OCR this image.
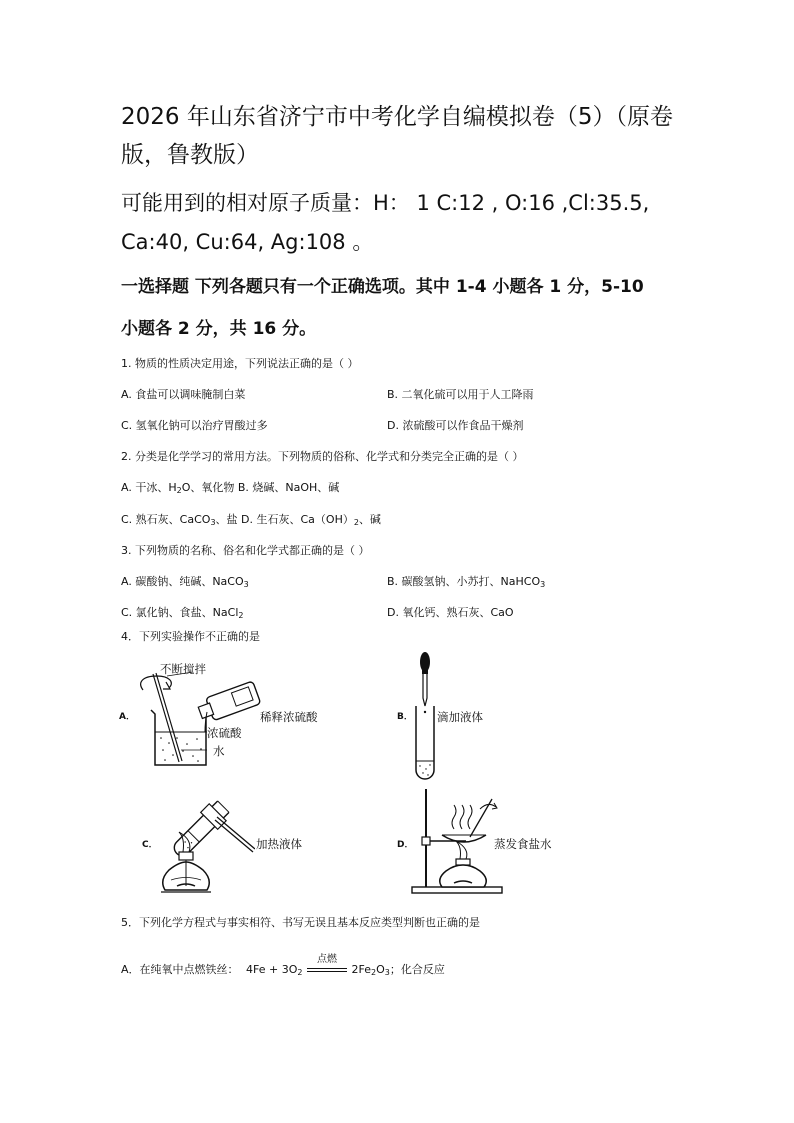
2026 年山东省济宁市中考化学自编模拟卷（5）（原卷
版，鲁教版）
可能用到的相对原子质量：H： 1 C:12 , O:16 ,Cl:35.5,
Ca:40, Cu:64, Ag:108 。
一选择题 下列各题只有一个正确选项。其中 1-4 小题各 1 分，5-10
小题各 2 分，共 16 分。
1. 物质的性质决定用途，下列说法正确的是（ ）
A. 食盐可以调味腌制白菜	B. 二氧化硫可以用于人工降雨
C. 氢氧化钠可以治疗胃酸过多	D. 浓硫酸可以作食品干燥剂
2. 分类是化学学习的常用方法。下列物质的俗称、化学式和分类完全正确的是（ ）
A. 干冰、$H_2O$、氧化物 B. 烧碱、NaOH、碱
C. 熟石灰、CaCO$_3$、盐 D. 生石灰、$Ca(OH)_2$、碱
3. 下列物质的名称、俗名和化学式都正确的是（ ）
A. 碳酸钠、纯碱、NaCO$_3$	B. 碳酸氢钠、小苏打、NaHCO$_3$
C. 氯化钠、食盐、NaCl$_2$	D. 氧化钙、熟石灰、CaO
4．下列实验操作不正确的是
A．
不断搅拌
稀释浓硫酸
浓硫酸
水
B． 滴加液体
C．	加热液体	D．	蒸发食盐水
5．下列化学方程式与事实相符、书写无误且基本反应类型判断也正确的是
A．在纯氧中点燃铁丝： $4Fe + 3O_2$
点燃
$2Fe_2O_3$；化合反应
